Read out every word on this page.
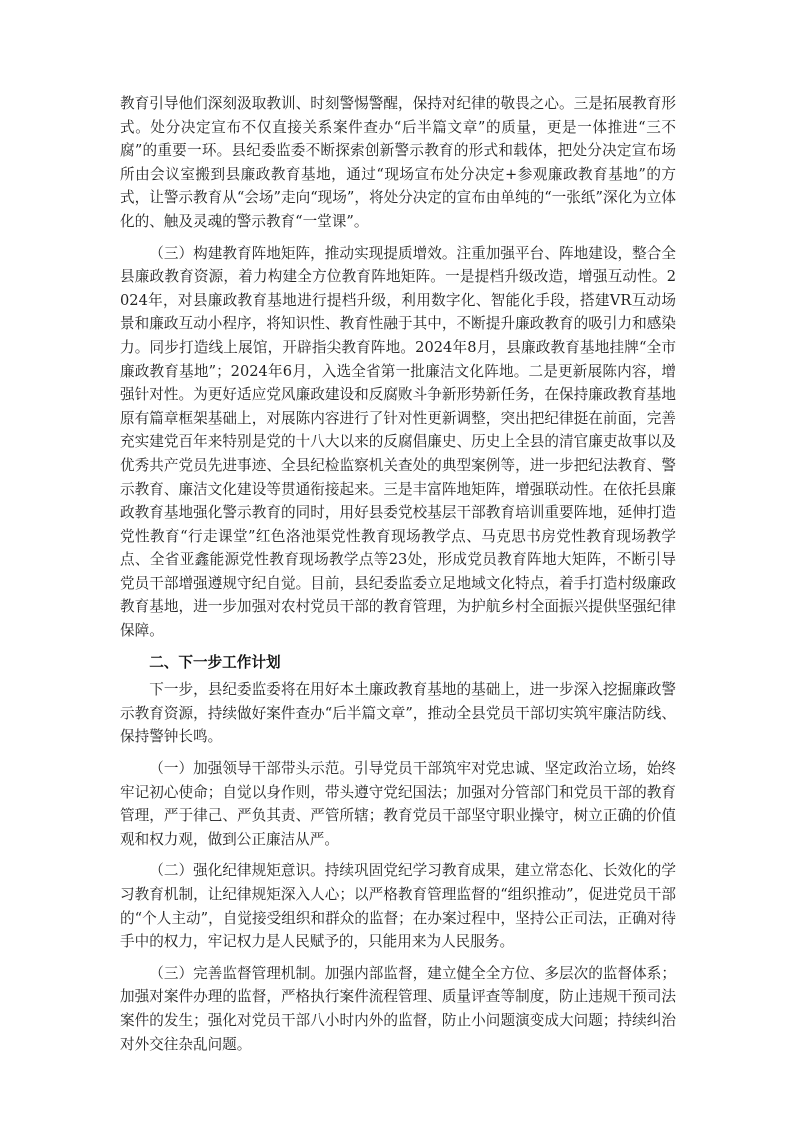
教育引导他们深刻汲取教训、时刻警惕警醒，保持对纪律的敬畏之心。三是拓展教育形式。处分决定宣布不仅直接关系案件查办“后半篇文章”的质量，更是一体推进“三不腐”的重要一环。县纪委监委不断探索创新警示教育的形式和载体，把处分决定宣布场所由会议室搬到县廉政教育基地，通过“现场宣布处分决定+参观廉政教育基地”的方式，让警示教育从“会场”走向“现场”，将处分决定的宣布由单纯的“一张纸”深化为立体化的、触及灵魂的警示教育“一堂课”。

（三）构建教育阵地矩阵，推动实现提质增效。注重加强平台、阵地建设，整合全县廉政教育资源，着力构建全方位教育阵地矩阵。一是提档升级改造，增强互动性。2024年，对县廉政教育基地进行提档升级，利用数字化、智能化手段，搭建VR互动场景和廉政互动小程序，将知识性、教育性融于其中，不断提升廉政教育的吸引力和感染力。同步打造线上展馆，开辟指尖教育阵地。2024年8月，县廉政教育基地挂牌“全市廉政教育基地”；2024年6月，入选全省第一批廉洁文化阵地。二是更新展陈内容，增强针对性。为更好适应党风廉政建设和反腐败斗争新形势新任务，在保持廉政教育基地原有篇章框架基础上，对展陈内容进行了针对性更新调整，突出把纪律挺在前面，完善充实建党百年来特别是党的十八大以来的反腐倡廉史、历史上全县的清官廉吏故事以及优秀共产党员先进事迹、全县纪检监察机关查处的典型案例等，进一步把纪法教育、警示教育、廉洁文化建设等贯通衔接起来。三是丰富阵地矩阵，增强联动性。在依托县廉政教育基地强化警示教育的同时，用好县委党校基层干部教育培训重要阵地，延伸打造党性教育“行走课堂”红色洛池渠党性教育现场教学点、马克思书房党性教育现场教学点、全省亚鑫能源党性教育现场教学点等23处，形成党员教育阵地大矩阵，不断引导党员干部增强遵规守纪自觉。目前，县纪委监委立足地域文化特点，着手打造村级廉政教育基地，进一步加强对农村党员干部的教育管理，为护航乡村全面振兴提供坚强纪律保障。

二、下一步工作计划

下一步，县纪委监委将在用好本土廉政教育基地的基础上，进一步深入挖掘廉政警示教育资源，持续做好案件查办“后半篇文章”，推动全县党员干部切实筑牢廉洁防线、保持警钟长鸣。

（一）加强领导干部带头示范。引导党员干部筑牢对党忠诚、坚定政治立场，始终牢记初心使命；自觉以身作则，带头遵守党纪国法；加强对分管部门和党员干部的教育管理，严于律己、严负其责、严管所辖；教育党员干部坚守职业操守，树立正确的价值观和权力观，做到公正廉洁从严。

（二）强化纪律规矩意识。持续巩固党纪学习教育成果，建立常态化、长效化的学习教育机制，让纪律规矩深入人心；以严格教育管理监督的“组织推动”，促进党员干部的“个人主动”，自觉接受组织和群众的监督；在办案过程中，坚持公正司法，正确对待手中的权力，牢记权力是人民赋予的，只能用来为人民服务。

（三）完善监督管理机制。加强内部监督，建立健全全方位、多层次的监督体系；加强对案件办理的监督，严格执行案件流程管理、质量评查等制度，防止违规干预司法案件的发生；强化对党员干部八小时内外的监督，防止小问题演变成大问题；持续纠治对外交往杂乱问题。
